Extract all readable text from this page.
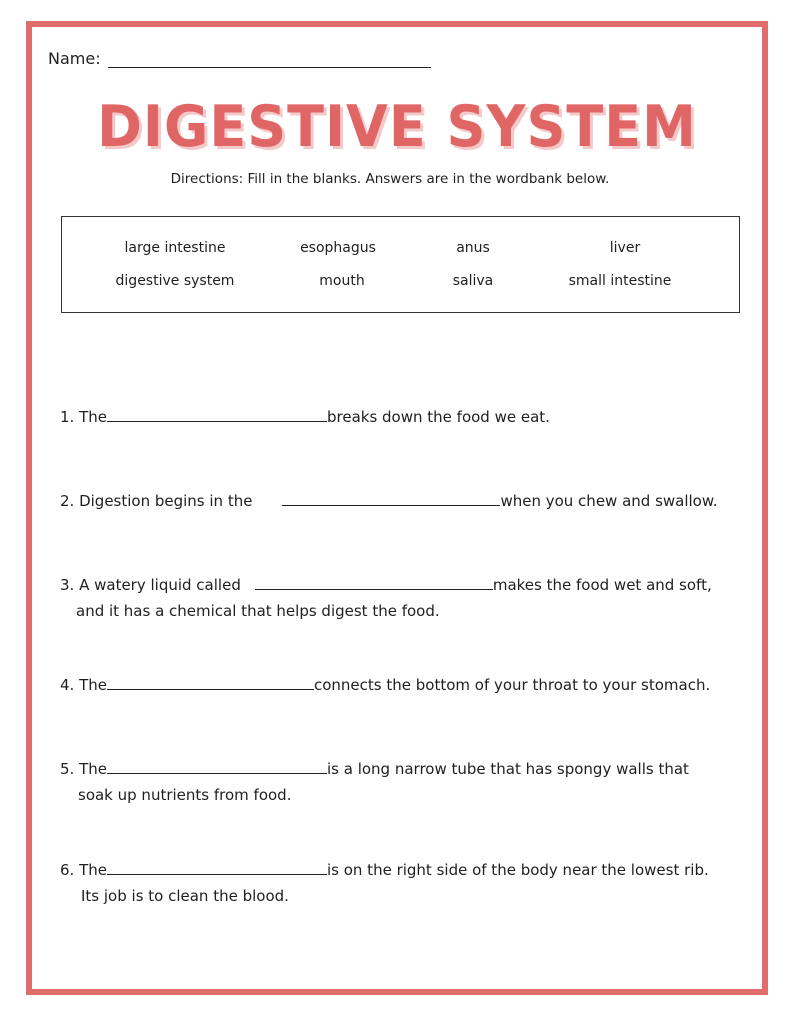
Name:
DIGESTIVE SYSTEM
Directions: Fill in the blanks. Answers are in the wordbank below.
large intestine	esophagus	anus	liver
digestive system	mouth	saliva	small intestine
1. The	breaks down the food we eat.
2. Digestion begins in the	when you chew and swallow.
3. A watery liquid called	makes the food wet and soft,
and it has a chemical that helps digest the food.
4. The	connects the bottom of your throat to your stomach.
5. The	is a long narrow tube that has spongy walls that
soak up nutrients from food.
6. The	is on the right side of the body near the lowest rib.
Its job is to clean the blood.
